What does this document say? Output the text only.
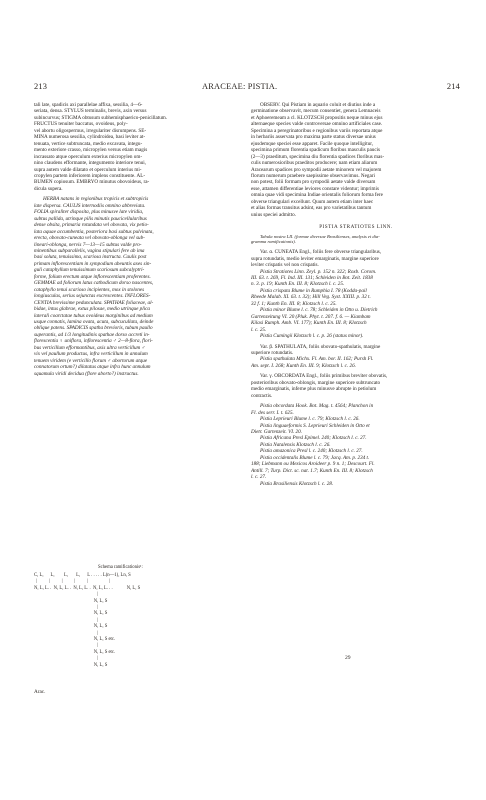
213	ARACEAE: PISTIA.	214

tali late, spadicis axi parallelae affixa, sessilia, 4—6-

seriata, densa. STYLUS terminalis, brevis, axin versus

subincurvus; STIGMA obtusum subhemisphaerico-penicillatum.

FRUCTUS tenuiter baccatus, ovoideus, poly-

vel abortu oligospermus, irregulariter disrumpens. SE-

MINA numerosa sessilia, cylindroidea, basi leviter at-

tenuata, vertice subtruncata, medio excavata, integu-

mento exteriore crasso, micropylen versus etiam magis

incrassato atque operculum exterius micropylen om-

nino claudens efformante, integumento interiore tenui,

supra autem valde dilatato et operculum interius mi-

cropylen partem inferiorem implens constituente. AL-

BUMEN copiosum. EMBRYO minutus obovoideus, ra-

dicula supera.

HERBA natans in regionibus tropicis et subtropicis

late dispersa. CAULIS internodiis omnino abbreviata.

FOLIA spiraliter disposita, plus minusve late viridia,

subtus pallida, utrinque pilis minutis paucicellularibus

dense obsita, primaria rotundata vel obovata, vix petio-

lata aquae accumbentia, posteriora basi subtus pulvinata,

erecta, obovato-cuneata vel obovato-oblonga vel sub-

lineari-oblonga, nervis 7—13—15 subtus valde pro-

minentibus subparallelis, vagina stipulari fere ab ima

basi soluta, tenuissima, scariosa instructa. Caulis post

primam inflorescentiam in sympodium abeuntis axes sin-

guli cataphyllum tenuissimum scariosum subcalyptri-

forme, folium erectum atque inflorescentiam proferentes.

GEMMAE ad foliorum latus cathodicum dorso nascentes,

cataphyllo tenui scarioso incipientes, mox in stolones

longiusculas, serius sejunctas excrescentes. INFLORES-

CENTIA brevissime pedunculata. SPATHAE foliaceae, al-

bidae, intus glabrae, extus pilosae, medio utrinque plica

laterali coarctatae tubus ovoideus marginibus ad medium

usque connatis, lamina ovata, acuta, subcucullata, deinde

oblique patens. SPADICIS spatha brevioris, tubum paullo

superantis, ad 1/3 longitudinis spathae dorso accreti in-

florescentia ♀ uniflora, inflorescentia ♂ 2—8-flora, flori-

bus verticillum efformantibus, axis ultra verticillum ♂

vix vel paullum productus, infra verticillum in annulum

tenuem viridem (e verticillo florum ♂ abortorum atque

connatorum ortum?) dilatatus atque infra hunc annulum

squamula viridi decidua (flore aborto?) instructus.

Schema ramificationis¹:
C, L,      L,        L,       L,      L . . . . . L(n—1), Ln, S
|          |          |          |          |                  |
N, L, L. .  N, L, L. .  N, L, L. .  N, L, L. . .            N, L, S
|
N, L, S
|
N, L, S
|
N, L, S
|
N, L, S etc.
|
N, L, S etc.
|
N, L, S
Arac.

OBSERV. Qui Pistiam in aquario coluit et diutius inde a

germinatione observavit, mecum consentiet, genera Lemnaceis

et Aphoeremeam a cl. KLOTZSCH propositis neque minus ejus

alternaeque species valde controversae omnino artificiales case.

Specimina a peregrinatoribus e regionibus variis reportata atque

in herbariis asservata pro maxima parte status diversae unius

ejusdemque speciei esse apparet. Facile quoque intelligitur,

specimina primum florentia spadicum floribus masculis paucis

(2—3) praeditum, specimina diu florentia spadices floribus mas-

culis numerosioribus praeditos producere; nam etiam aliarum

Aracearum spadices pro sympodii aetate minorem vel majorem

florum numerum praebere saepissime observavimus. Negari

non potest, folii formam pro sympodii aetate valde diversam

esse, attamen differentiae leviores constare videntur; imprimis

omnia quae vidi specimina Indiae orientalis foliorum forma fere

obverse triangulari excellunt. Quum autem etiam inter haec

et alias formas transitus adsint, eas pro varietatibus tantum

unius speciei admitto.

PISTIA STRATIOTES LINN.

Tabula nostra LII. (formae diversae Brasilienses, analysis et dia-

gramma ramificationis).

Var. α. CUNEATA Engl., foliis fere obverse triangularibus,

supra rotundatis, medio leviter emarginatis, margine superiore

leviter crispatis vel non crispatis.

Pistia Stratiotes Linn. Zeyl. p. 152 n. 322; Roxb. Corom.

III. 63. t. 269, Fl. Ind. III. 131; Schleiden in Bot. Zeit. 1838

n. 3. p. 19; Kunth En. III. 8; Klotzsch l. c. 25.

Pistia crispata Blume in Rumphia I. 78 (Kodda-pail

Rheede Malab. XI. 63. t. 32); Hill Veg. Syst. XXIII. p. 32 t.

32 f. 1; Kunth En. III. 8; Klotzsch l. c. 25.

Pistia minor Blume l. c. 78; Schleiden in Otto u. Dietrich

Gartenzeitung VI. 20 (Pluk. Phyt. t. 207. f. 6. — Kiambam

Kilasi Rumph. Amb. VI. 177); Kunth En. III. 8; Klotzsch

l. c. 25.

Pistia Cumingii Klotzsch l. c. p. 26 (status minor).

Var. β. SPATHULATA, foliis obovato-spathulatis, margine

superiore rotundatis.

Pistia spathulata Michx. Fl. Am. bor. II. 162; Pursh Fl.

Am. sept. I. 268; Kunth En. III. 9; Klotzsch l. c. 26.

Var. γ. OBCORDATA Engl., foliis primibus breviter obovatis,

posterioribus obovato-oblongis, margine superiore subtruncato

medio emarginatis, inferne plus minusve abrupte in petiolum

contractis.

Pistia obcordata Hook. Bot. Mag. t. 4564; Planchon in

Fl. des serr. I. t. 625.

Pistia Leprieuri Blume l. c. 79; Klotzsch l. c. 26.

Pistia linguaeformis S. Leprieuri Schleiden in Otto et

Dietr. Gartenzeit. VI. 20.

Pistia Africana Presl Epimel. 240; Klotzsch l. c. 27.

Pistia Natalensis Klotzsch l. c. 26.

Pistia amazonica Presl l. c. 240; Klotzsch l. c. 27.

Pistia occidentalis Blume l. c. 79; Jacq. Am. p. 234 t.

188; Liebmann ou Mexicos Aroideer p. 9 n. 1; Descourt. Fl.

Antill. 7; Turp. Dict. sc. nat. 1.7; Kunth En. III. 8; Klotzsch

l. c. 27.

Pistia Brasiliensis Klotzsch l. c. 28.

29
